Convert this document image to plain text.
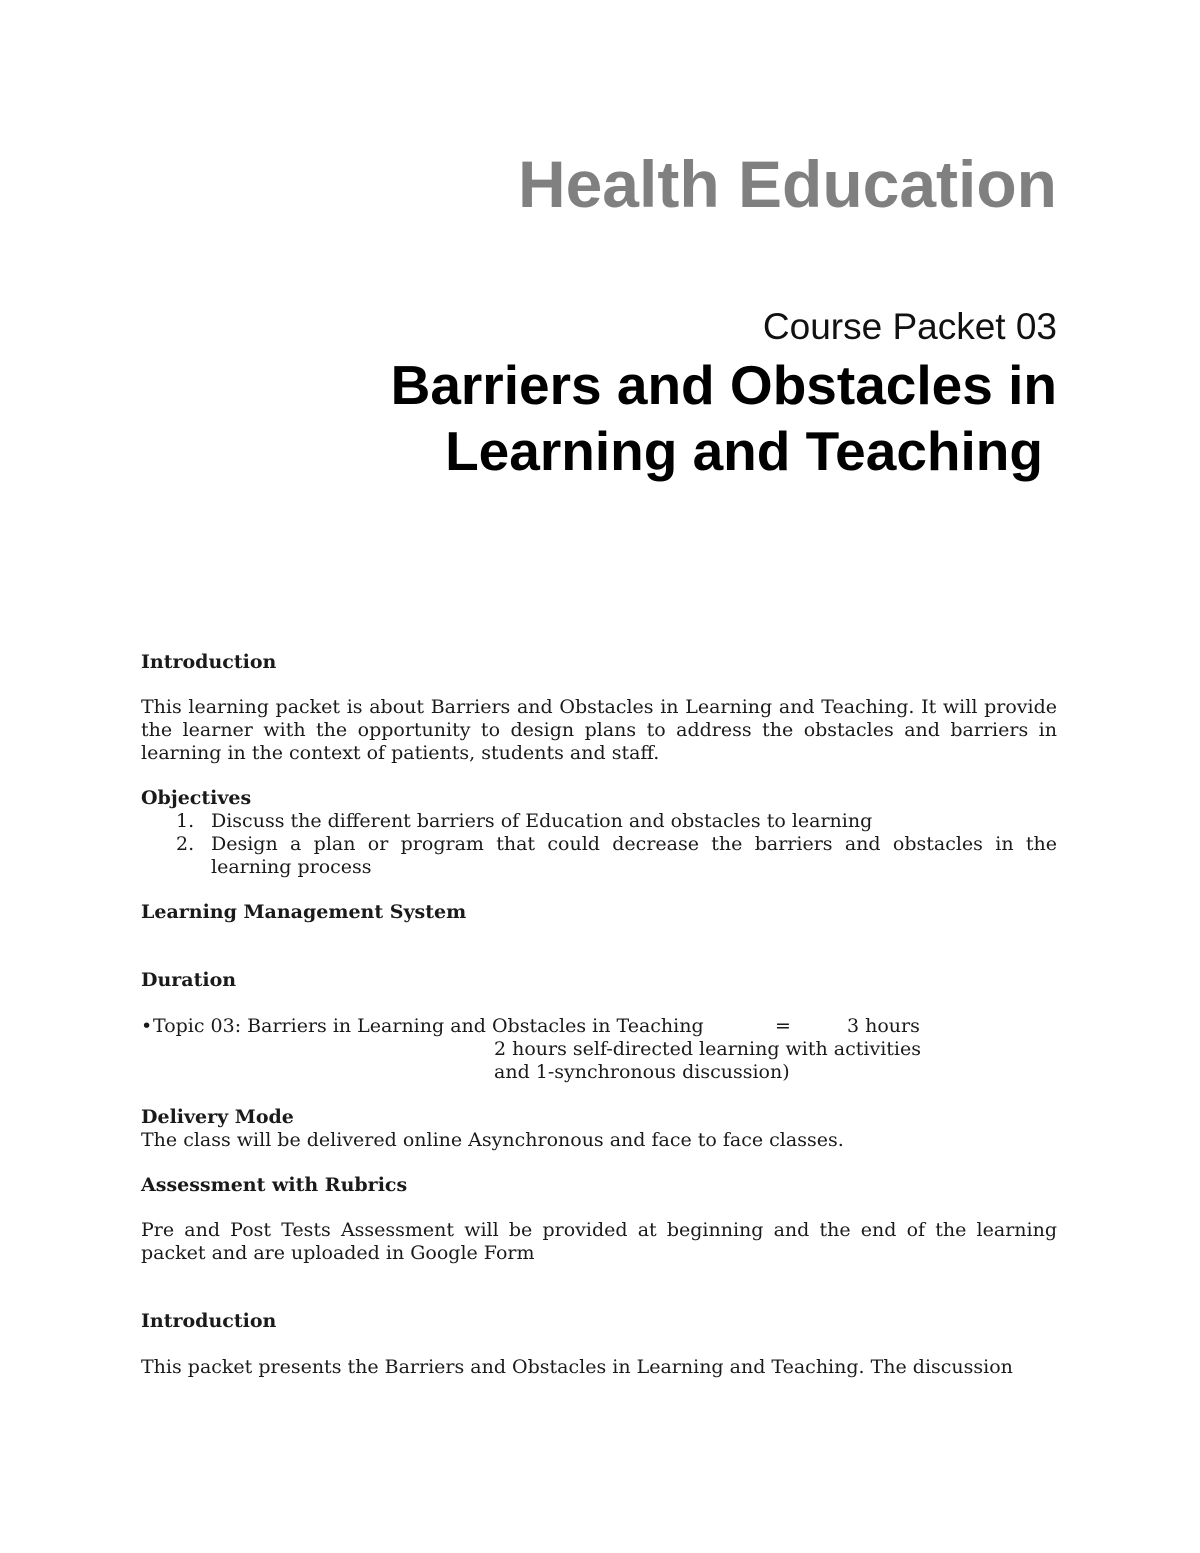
Health Education
Course Packet 03
Barriers and Obstacles in
Learning and Teaching
Introduction

This learning packet is about Barriers and Obstacles in Learning and Teaching. It will provide the learner with the opportunity to design plans to address the obstacles and barriers in learning in the context of patients, students and staff.

Objectives
1. Discuss the different barriers of Education and obstacles to learning
2. Design a plan or program that could decrease the barriers and obstacles in the learning process
Learning Management System
Duration
• Topic 03: Barriers in Learning and Obstacles in Teaching	=	3 hours
2 hours self-directed learning with activities
and 1-synchronous discussion)
Delivery Mode

The class will be delivered online Asynchronous and face to face classes.

Assessment with Rubrics

Pre and Post Tests Assessment will be provided at beginning and the end of the learning packet and are uploaded in Google Form

Introduction

This packet presents the Barriers and Obstacles in Learning and Teaching. The discussion
